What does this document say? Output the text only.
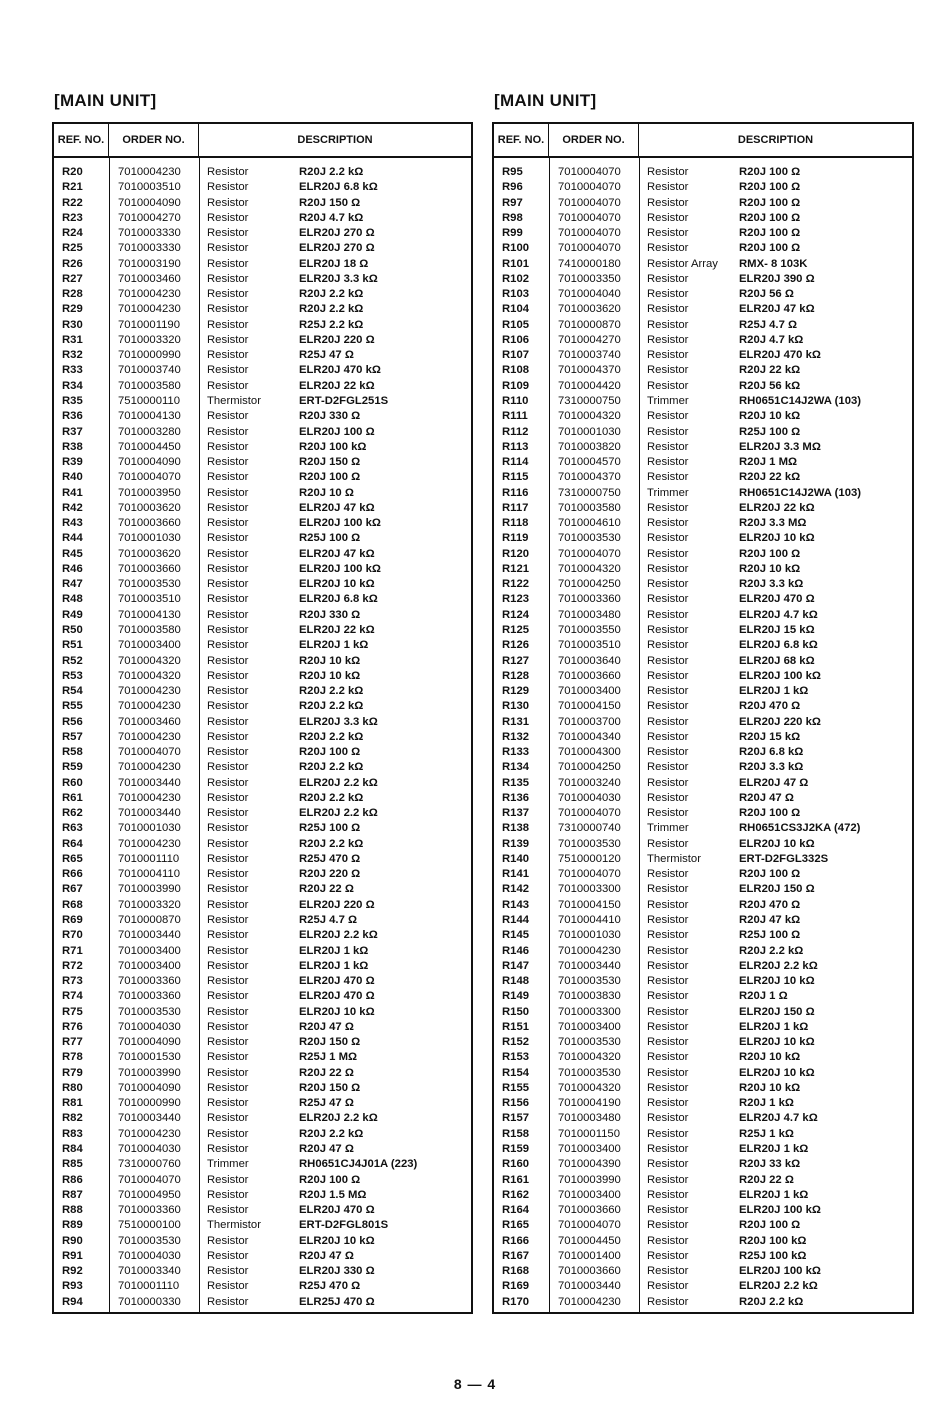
[MAIN UNIT]
REF. NO.	ORDER NO.	DESCRIPTION
R20	7010004230	Resistor	R20J 2.2 kΩ
R21	7010003510	Resistor	ELR20J 6.8 kΩ
R22	7010004090	Resistor	R20J 150 Ω
R23	7010004270	Resistor	R20J 4.7 kΩ
R24	7010003330	Resistor	ELR20J 270 Ω
R25	7010003330	Resistor	ELR20J 270 Ω
R26	7010003190	Resistor	ELR20J 18 Ω
R27	7010003460	Resistor	ELR20J 3.3 kΩ
R28	7010004230	Resistor	R20J 2.2 kΩ
R29	7010004230	Resistor	R20J 2.2 kΩ
R30	7010001190	Resistor	R25J 2.2 kΩ
R31	7010003320	Resistor	ELR20J 220 Ω
R32	7010000990	Resistor	R25J 47 Ω
R33	7010003740	Resistor	ELR20J 470 kΩ
R34	7010003580	Resistor	ELR20J 22 kΩ
R35	7510000110	Thermistor	ERT-D2FGL251S
R36	7010004130	Resistor	R20J 330 Ω
R37	7010003280	Resistor	ELR20J 100 Ω
R38	7010004450	Resistor	R20J 100 kΩ
R39	7010004090	Resistor	R20J 150 Ω
R40	7010004070	Resistor	R20J 100 Ω
R41	7010003950	Resistor	R20J 10 Ω
R42	7010003620	Resistor	ELR20J 47 kΩ
R43	7010003660	Resistor	ELR20J 100 kΩ
R44	7010001030	Resistor	R25J 100 Ω
R45	7010003620	Resistor	ELR20J 47 kΩ
R46	7010003660	Resistor	ELR20J 100 kΩ
R47	7010003530	Resistor	ELR20J 10 kΩ
R48	7010003510	Resistor	ELR20J 6.8 kΩ
R49	7010004130	Resistor	R20J 330 Ω
R50	7010003580	Resistor	ELR20J 22 kΩ
R51	7010003400	Resistor	ELR20J 1 kΩ
R52	7010004320	Resistor	R20J 10 kΩ
R53	7010004320	Resistor	R20J 10 kΩ
R54	7010004230	Resistor	R20J 2.2 kΩ
R55	7010004230	Resistor	R20J 2.2 kΩ
R56	7010003460	Resistor	ELR20J 3.3 kΩ
R57	7010004230	Resistor	R20J 2.2 kΩ
R58	7010004070	Resistor	R20J 100 Ω
R59	7010004230	Resistor	R20J 2.2 kΩ
R60	7010003440	Resistor	ELR20J 2.2 kΩ
R61	7010004230	Resistor	R20J 2.2 kΩ
R62	7010003440	Resistor	ELR20J 2.2 kΩ
R63	7010001030	Resistor	R25J 100 Ω
R64	7010004230	Resistor	R20J 2.2 kΩ
R65	7010001110	Resistor	R25J 470 Ω
R66	7010004110	Resistor	R20J 220 Ω
R67	7010003990	Resistor	R20J 22 Ω
R68	7010003320	Resistor	ELR20J 220 Ω
R69	7010000870	Resistor	R25J 4.7 Ω
R70	7010003440	Resistor	ELR20J 2.2 kΩ
R71	7010003400	Resistor	ELR20J 1 kΩ
R72	7010003400	Resistor	ELR20J 1 kΩ
R73	7010003360	Resistor	ELR20J 470 Ω
R74	7010003360	Resistor	ELR20J 470 Ω
R75	7010003530	Resistor	ELR20J 10 kΩ
R76	7010004030	Resistor	R20J 47 Ω
R77	7010004090	Resistor	R20J 150 Ω
R78	7010001530	Resistor	R25J 1 MΩ
R79	7010003990	Resistor	R20J 22 Ω
R80	7010004090	Resistor	R20J 150 Ω
R81	7010000990	Resistor	R25J 47 Ω
R82	7010003440	Resistor	ELR20J 2.2 kΩ
R83	7010004230	Resistor	R20J 2.2 kΩ
R84	7010004030	Resistor	R20J 47 Ω
R85	7310000760	Trimmer	RH0651CJ4J01A (223)
R86	7010004070	Resistor	R20J 100 Ω
R87	7010004950	Resistor	R20J 1.5 MΩ
R88	7010003360	Resistor	ELR20J 470 Ω
R89	7510000100	Thermistor	ERT-D2FGL801S
R90	7010003530	Resistor	ELR20J 10 kΩ
R91	7010004030	Resistor	R20J 47 Ω
R92	7010003340	Resistor	ELR20J 330 Ω
R93	7010001110	Resistor	R25J 470 Ω
R94	7010000330	Resistor	ELR25J 470 Ω
[MAIN UNIT]
REF. NO.	ORDER NO.	DESCRIPTION
R95	7010004070	Resistor	R20J 100 Ω
R96	7010004070	Resistor	R20J 100 Ω
R97	7010004070	Resistor	R20J 100 Ω
R98	7010004070	Resistor	R20J 100 Ω
R99	7010004070	Resistor	R20J 100 Ω
R100	7010004070	Resistor	R20J 100 Ω
R101	7410000180	Resistor Array	RMX- 8 103K
R102	7010003350	Resistor	ELR20J 390 Ω
R103	7010004040	Resistor	R20J 56 Ω
R104	7010003620	Resistor	ELR20J 47 kΩ
R105	7010000870	Resistor	R25J 4.7 Ω
R106	7010004270	Resistor	R20J 4.7 kΩ
R107	7010003740	Resistor	ELR20J 470 kΩ
R108	7010004370	Resistor	R20J 22 kΩ
R109	7010004420	Resistor	R20J 56 kΩ
R110	7310000750	Trimmer	RH0651C14J2WA (103)
R111	7010004320	Resistor	R20J 10 kΩ
R112	7010001030	Resistor	R25J 100 Ω
R113	7010003820	Resistor	ELR20J 3.3 MΩ
R114	7010004570	Resistor	R20J 1 MΩ
R115	7010004370	Resistor	R20J 22 kΩ
R116	7310000750	Trimmer	RH0651C14J2WA (103)
R117	7010003580	Resistor	ELR20J 22 kΩ
R118	7010004610	Resistor	R20J 3.3 MΩ
R119	7010003530	Resistor	ELR20J 10 kΩ
R120	7010004070	Resistor	R20J 100 Ω
R121	7010004320	Resistor	R20J 10 kΩ
R122	7010004250	Resistor	R20J 3.3 kΩ
R123	7010003360	Resistor	ELR20J 470 Ω
R124	7010003480	Resistor	ELR20J 4.7 kΩ
R125	7010003550	Resistor	ELR20J 15 kΩ
R126	7010003510	Resistor	ELR20J 6.8 kΩ
R127	7010003640	Resistor	ELR20J 68 kΩ
R128	7010003660	Resistor	ELR20J 100 kΩ
R129	7010003400	Resistor	ELR20J 1 kΩ
R130	7010004150	Resistor	R20J 470 Ω
R131	7010003700	Resistor	ELR20J 220 kΩ
R132	7010004340	Resistor	R20J 15 kΩ
R133	7010004300	Resistor	R20J 6.8 kΩ
R134	7010004250	Resistor	R20J 3.3 kΩ
R135	7010003240	Resistor	ELR20J 47 Ω
R136	7010004030	Resistor	R20J 47 Ω
R137	7010004070	Resistor	R20J 100 Ω
R138	7310000740	Trimmer	RH0651CS3J2KA (472)
R139	7010003530	Resistor	ELR20J 10 kΩ
R140	7510000120	Thermistor	ERT-D2FGL332S
R141	7010004070	Resistor	R20J 100 Ω
R142	7010003300	Resistor	ELR20J 150 Ω
R143	7010004150	Resistor	R20J 470 Ω
R144	7010004410	Resistor	R20J 47 kΩ
R145	7010001030	Resistor	R25J 100 Ω
R146	7010004230	Resistor	R20J 2.2 kΩ
R147	7010003440	Resistor	ELR20J 2.2 kΩ
R148	7010003530	Resistor	ELR20J 10 kΩ
R149	7010003830	Resistor	R20J 1 Ω
R150	7010003300	Resistor	ELR20J 150 Ω
R151	7010003400	Resistor	ELR20J 1 kΩ
R152	7010003530	Resistor	ELR20J 10 kΩ
R153	7010004320	Resistor	R20J 10 kΩ
R154	7010003530	Resistor	ELR20J 10 kΩ
R155	7010004320	Resistor	R20J 10 kΩ
R156	7010004190	Resistor	R20J 1 kΩ
R157	7010003480	Resistor	ELR20J 4.7 kΩ
R158	7010001150	Resistor	R25J 1 kΩ
R159	7010003400	Resistor	ELR20J 1 kΩ
R160	7010004390	Resistor	R20J 33 kΩ
R161	7010003990	Resistor	R20J 22 Ω
R162	7010003400	Resistor	ELR20J 1 kΩ
R164	7010003660	Resistor	ELR20J 100 kΩ
R165	7010004070	Resistor	R20J 100 Ω
R166	7010004450	Resistor	R20J 100 kΩ
R167	7010001400	Resistor	R25J 100 kΩ
R168	7010003660	Resistor	ELR20J 100 kΩ
R169	7010003440	Resistor	ELR20J 2.2 kΩ
R170	7010004230	Resistor	R20J 2.2 kΩ
8 — 4
